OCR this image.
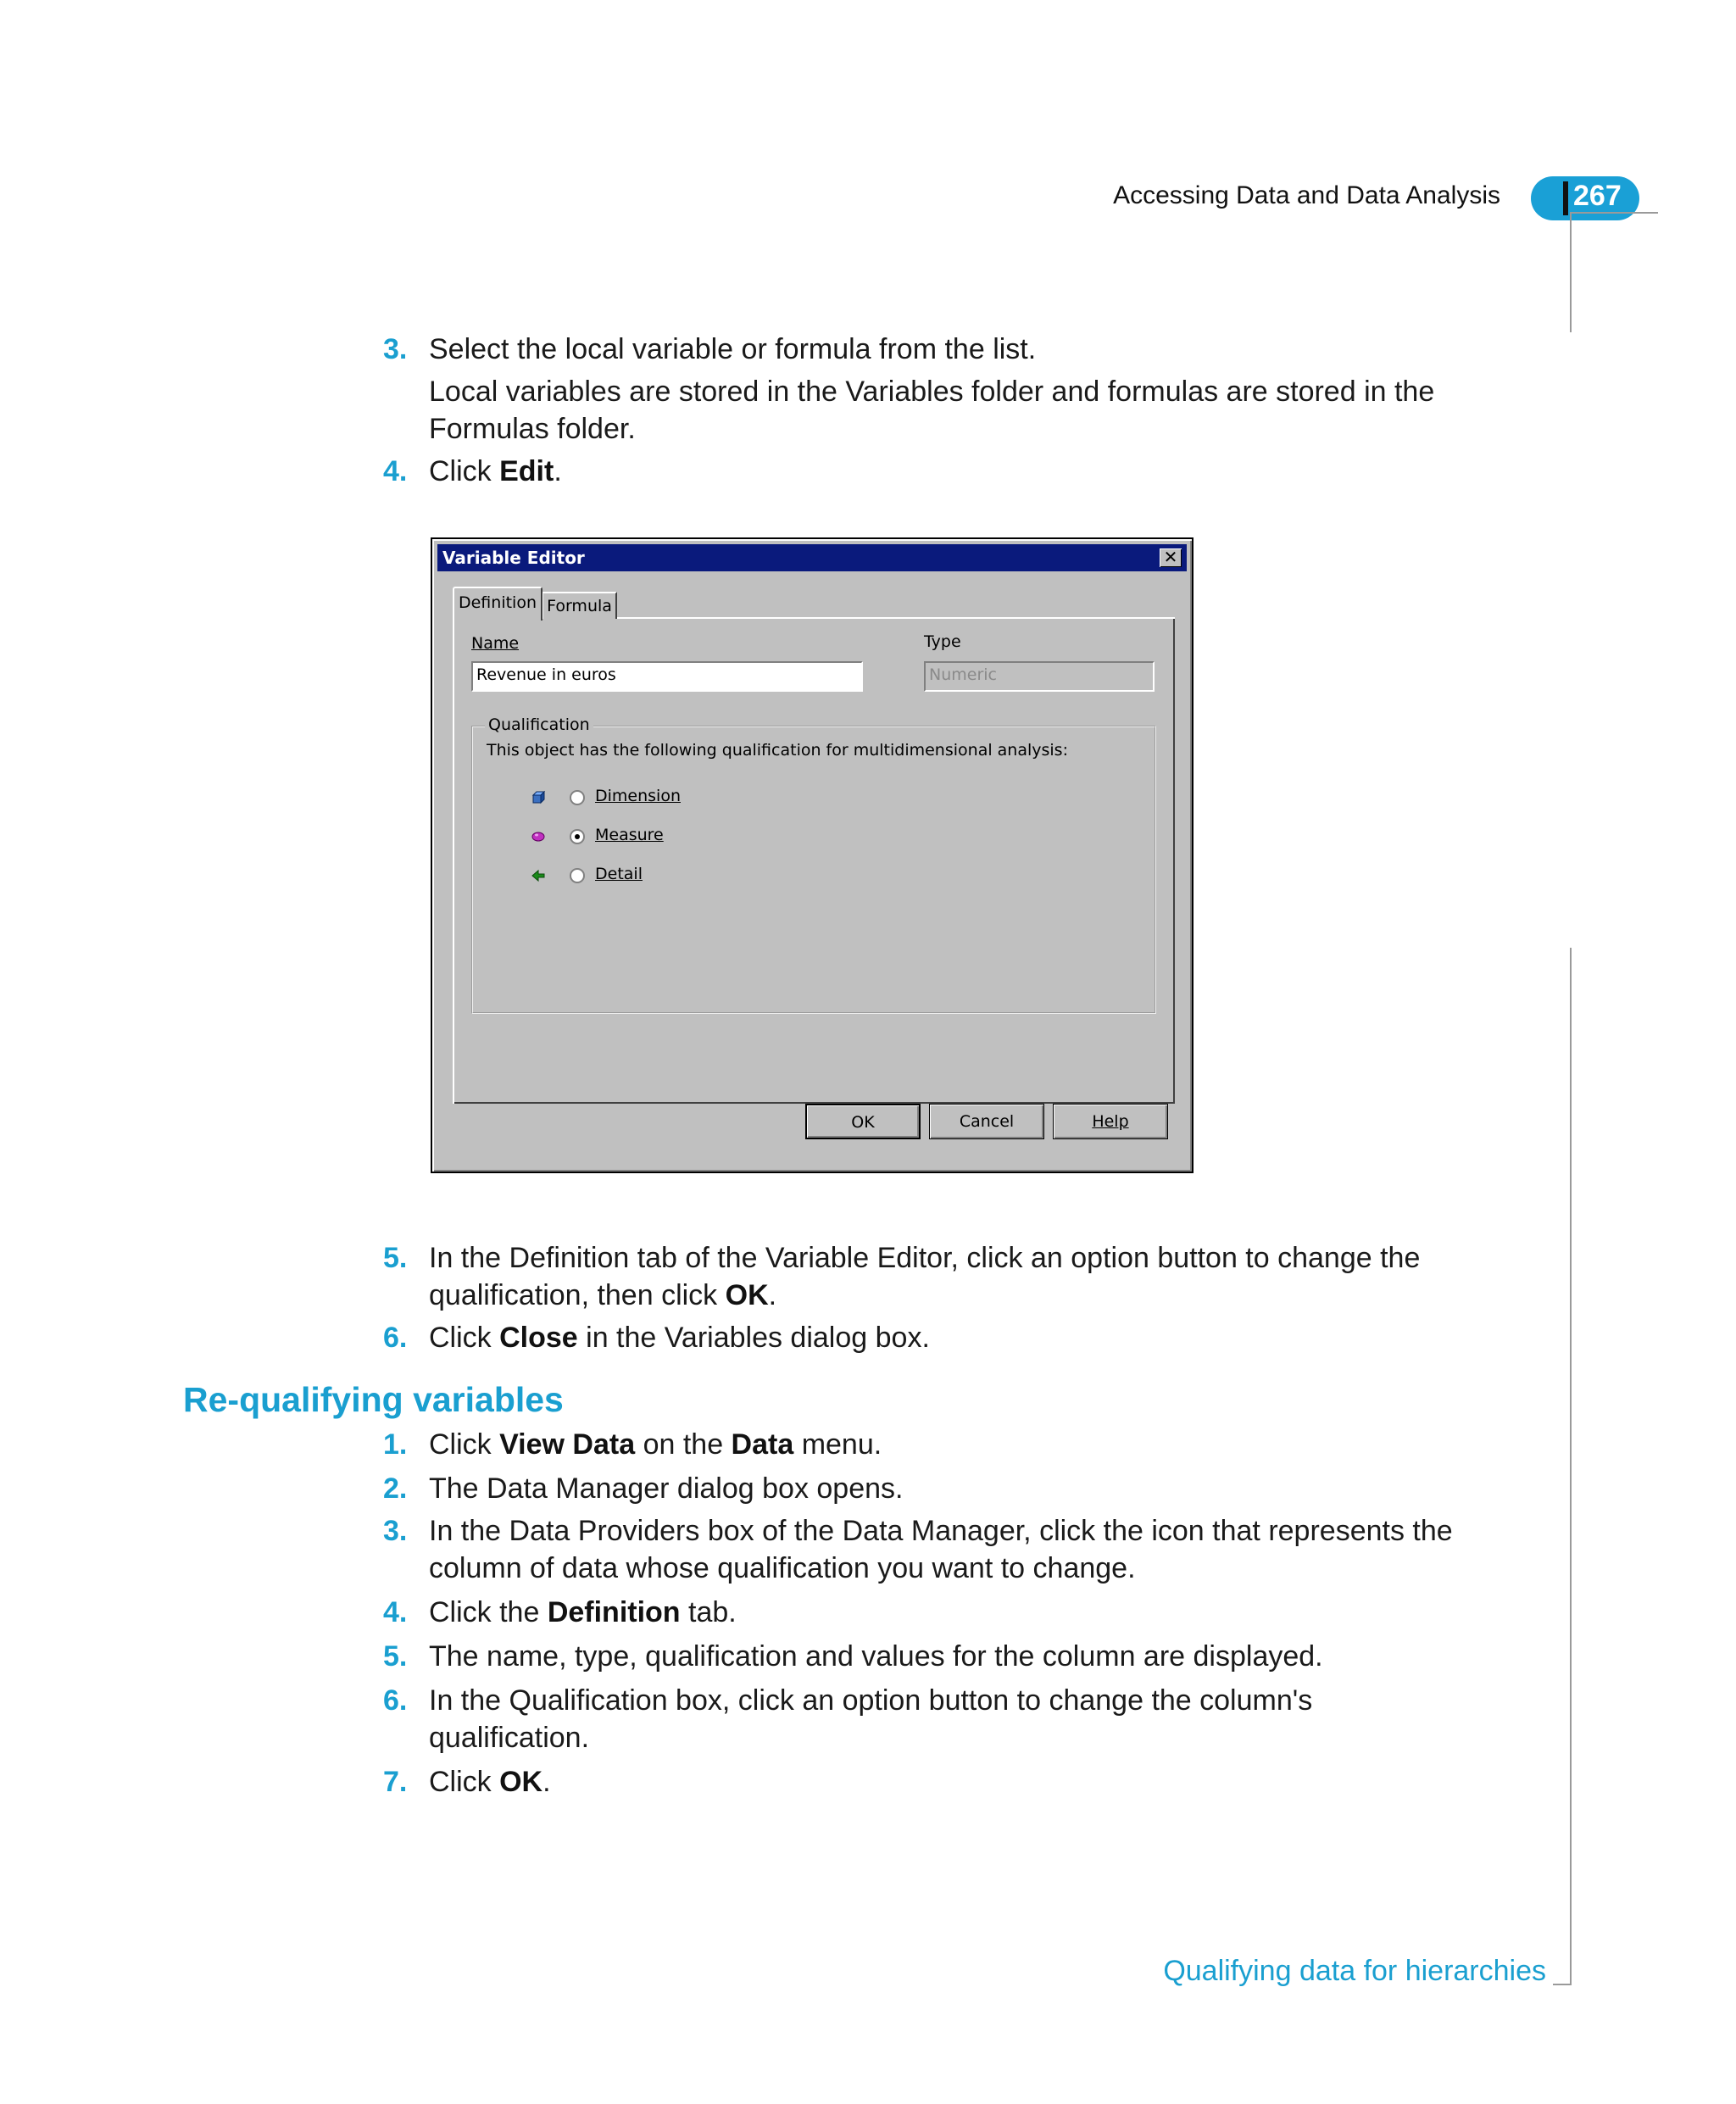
Accessing Data and Data Analysis	267
3. Select the local variable or formula from the list.
Local variables are stored in the Variables folder and formulas are stored in the Formulas folder.
4. Click Edit.
Variable Editor	✕
Definition Formula
Name	Type
Revenue in euros	Numeric
Qualification
This object has the following qualification for multidimensional analysis:
Dimension
Measure
Detail
OK	Cancel	Help
5. In the Definition tab of the Variable Editor, click an option button to change the qualification, then click OK.
6. Click Close in the Variables dialog box.
Re-qualifying variables
1. Click View Data on the Data menu.
2. The Data Manager dialog box opens.
3. In the Data Providers box of the Data Manager, click the icon that represents the column of data whose qualification you want to change.
4. Click the Definition tab.
5. The name, type, qualification and values for the column are displayed.
6. In the Qualification box, click an option button to change the column's qualification.
7. Click OK.
Qualifying data for hierarchies
